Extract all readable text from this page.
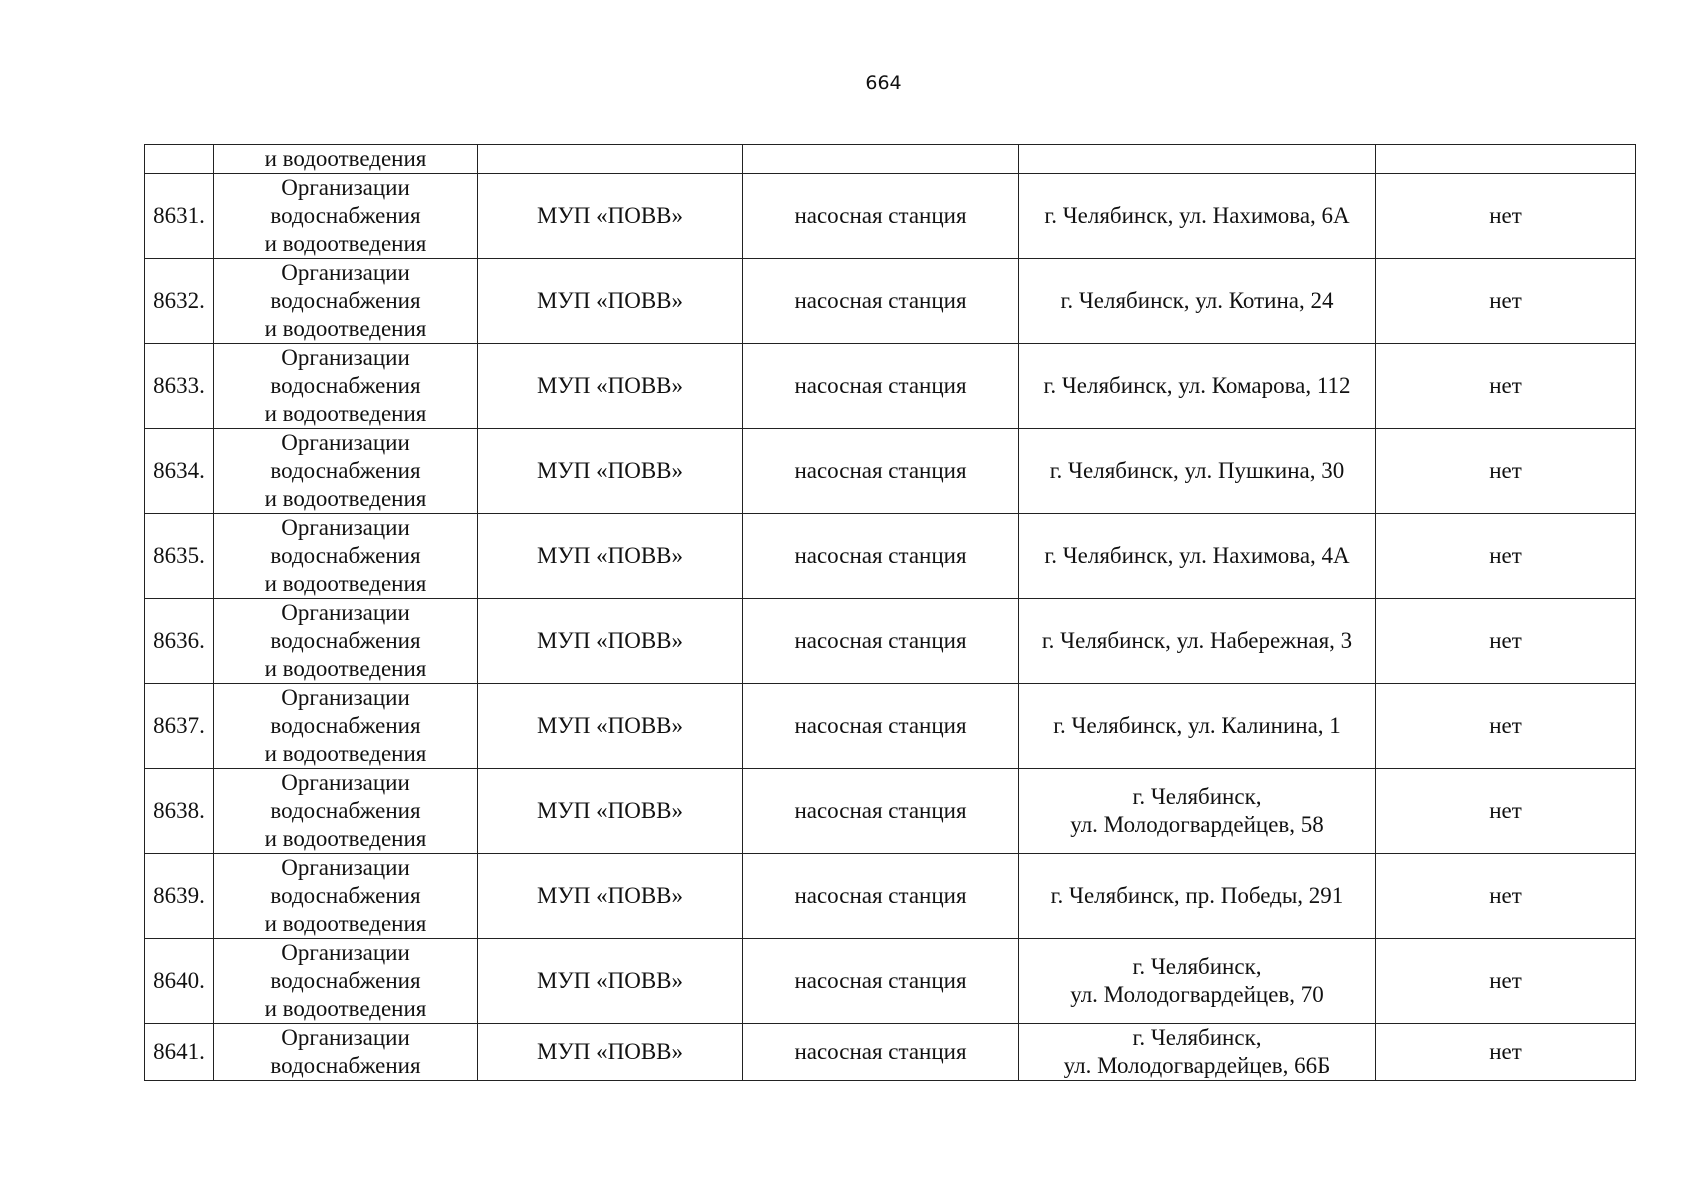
664

	и водоотведения				

8631.	Организации
водоснабжения
и водоотведения	МУП «ПОВВ»	насосная станция	г. Челябинск, ул. Нахимова, 6А	нет
8632.	Организации
водоснабжения
и водоотведения	МУП «ПОВВ»	насосная станция	г. Челябинск, ул. Котина, 24	нет
8633.	Организации
водоснабжения
и водоотведения	МУП «ПОВВ»	насосная станция	г. Челябинск, ул. Комарова, 112	нет
8634.	Организации
водоснабжения
и водоотведения	МУП «ПОВВ»	насосная станция	г. Челябинск, ул. Пушкина, 30	нет
8635.	Организации
водоснабжения
и водоотведения	МУП «ПОВВ»	насосная станция	г. Челябинск, ул. Нахимова, 4А	нет
8636.	Организации
водоснабжения
и водоотведения	МУП «ПОВВ»	насосная станция	г. Челябинск, ул. Набережная, 3	нет
8637.	Организации
водоснабжения
и водоотведения	МУП «ПОВВ»	насосная станция	г. Челябинск, ул. Калинина, 1	нет
8638.	Организации
водоснабжения
и водоотведения	МУП «ПОВВ»	насосная станция	г. Челябинск,
ул. Молодогвардейцев, 58	нет
8639.	Организации
водоснабжения
и водоотведения	МУП «ПОВВ»	насосная станция	г. Челябинск, пр. Победы, 291	нет
8640.	Организации
водоснабжения
и водоотведения	МУП «ПОВВ»	насосная станция	г. Челябинск,
ул. Молодогвардейцев, 70	нет
8641.	Организации
водоснабжения	МУП «ПОВВ»	насосная станция	г. Челябинск,
ул. Молодогвардейцев, 66Б	нет
